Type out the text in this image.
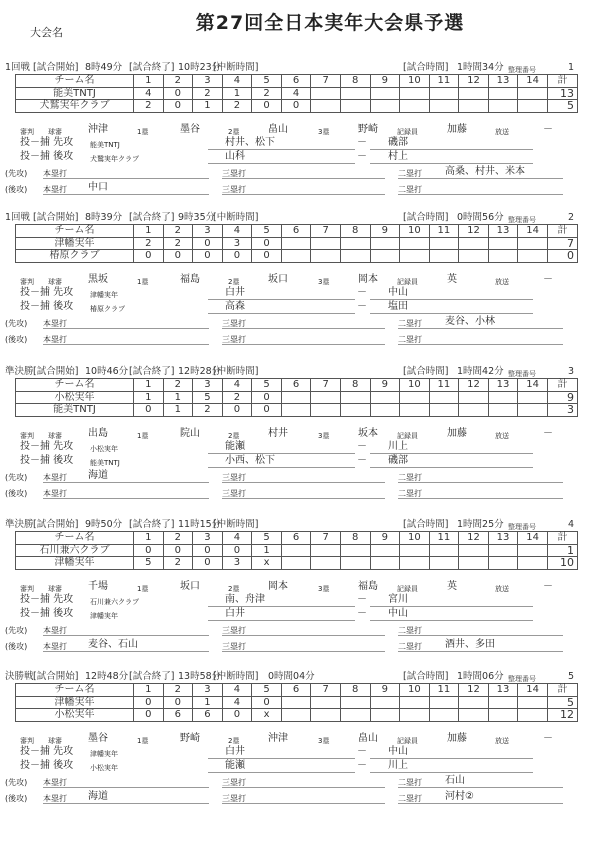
大会名	第27回全日本実年大会県予選
1回戦 [試合開始] 8時49分 [試合終了] 10時23分
[中断時間]	[試合時間] 1時間34分 整理番号	1
チーム名	1	2	3	4	5	6	7	8	9	10	11	12	13	14	計
能美TNTJ	4	0	2	1	2	4									13
犬鷲実年クラブ	2	0	1	2	0	0									5
審判 球審	沖津	1塁	墨谷	2塁	畠山	3塁	野崎	記録員	加藤	放送	－
投－捕 先攻 能美TNTJ	村井、松下	－ 磯部
投－捕 後攻 犬鷲実年クラブ	山科	－ 村上
(先攻) 本塁打	三塁打	二塁打 高桑、村井、米本
(後攻) 本塁打 中口	三塁打	二塁打
1回戦 [試合開始] 8時39分 [試合終了] 9時35分
[中断時間]	[試合時間] 0時間56分 整理番号	2
チーム名	1	2	3	4	5	6	7	8	9	10	11	12	13	14	計
津幡実年	2	2	0	3	0										7
椿原クラブ	0	0	0	0	0										0
審判 球審	黒坂	1塁	福島	2塁	坂口	3塁	岡本	記録員	英	放送	－
投－捕 先攻 津幡実年	白井	－ 中山
投－捕 後攻 椿原クラブ	高森	－ 塩田
(先攻) 本塁打	三塁打	二塁打 麦谷、小林
(後攻) 本塁打	三塁打	二塁打
準決勝 [試合開始] 10時46分 [試合終了] 12時28分
[中断時間]	[試合時間] 1時間42分 整理番号	3
チーム名	1	2	3	4	5	6	7	8	9	10	11	12	13	14	計
小松実年	1	1	5	2	0										9
能美TNTJ	0	1	2	0	0										3
審判 球審	出島	1塁	院山	2塁	村井	3塁	坂本	記録員	加藤	放送	－
投－捕 先攻 小松実年	能瀬	－ 川上
投－捕 後攻 能美TNTJ	小西、松下	－ 磯部
(先攻) 本塁打 海道	三塁打	二塁打
(後攻) 本塁打	三塁打	二塁打
準決勝 [試合開始] 9時50分 [試合終了] 11時15分
[中断時間]	[試合時間] 1時間25分 整理番号	4
チーム名	1	2	3	4	5	6	7	8	9	10	11	12	13	14	計
石川兼六クラブ	0	0	0	0	1										1
津幡実年	5	2	0	3	x										10
審判 球審	千場	1塁	坂口	2塁	岡本	3塁	福島	記録員	英	放送	－
投－捕 先攻 石川兼六クラブ	南、舟津	－ 宮川
投－捕 後攻 津幡実年	白井	－ 中山
(先攻) 本塁打	三塁打	二塁打
(後攻) 本塁打 麦谷、石山	三塁打	二塁打 酒井、多田
決勝戦 [試合開始] 12時48分 [試合終了] 13時58分
[中断時間] 0時間04分	[試合時間] 1時間06分 整理番号	5
チーム名	1	2	3	4	5	6	7	8	9	10	11	12	13	14	計
津幡実年	0	0	1	4	0										5
小松実年	0	6	6	0	x										12
審判 球審	墨谷	1塁	野崎	2塁	沖津	3塁	畠山	記録員	加藤	放送	－
投－捕 先攻 津幡実年	白井	－ 中山
投－捕 後攻 小松実年	能瀬	－ 川上
(先攻) 本塁打	三塁打	二塁打 石山
(後攻) 本塁打 海道	三塁打	二塁打 河村②
